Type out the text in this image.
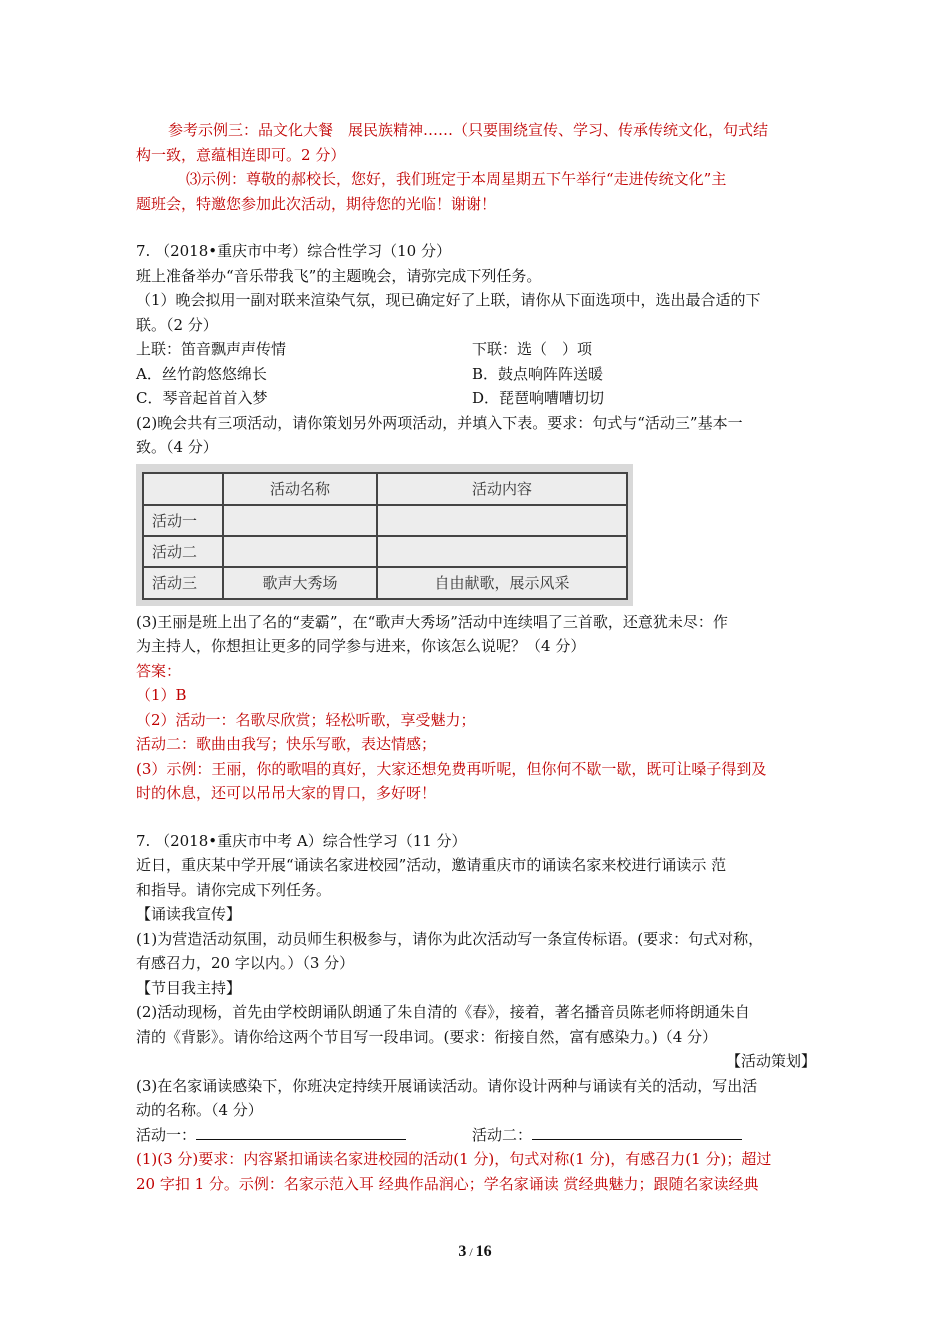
参考示例三：品文化大餐　展民族精神……（只要围绕宣传、学习、传承传统文化，句式结

构一致，意蕴相连即可。2 分）

⑶示例：尊敬的郝校长，您好，我们班定于本周星期五下午举行“走进传统文化”主

题班会，特邀您参加此次活动，期待您的光临！谢谢！

7. （2018•重庆市中考）综合性学习（10 分）

班上准备举办“音乐带我飞”的主题晚会，请弥完成下列任务。

（1）晚会拟用一副对联来渲染气氛，现已确定好了上联，请你从下面选项中，选出最合适的下

联。（2 分）

上联：笛音飘声声传情	下联：选（　）项

A．丝竹韵悠悠绵长	B．鼓点响阵阵送暖

C．琴音起首首入梦	D．琵琶响嘈嘈切切

(2)晚会共有三项活动，请你策划另外两项活动，并填入下表。要求：句式与“活动三”基本一

致。（4 分）

	活动名称	活动内容
活动一		
活动二		
活动三	歌声大秀场	自由献歌，展示风采

(3)王丽是班上出了名的“麦霸”，在“歌声大秀场”活动中连续唱了三首歌，还意犹未尽：作

为主持人，你想担让更多的同学参与进来，你该怎么说呢？（4 分）

答案：

（1）B

（2）活动一：名歌尽欣赏；轻松听歌，享受魅力；

活动二：歌曲由我写；快乐写歌，表达情感；

(3）示例：王丽，你的歌唱的真好，大家还想免费再听呢，但你何不歇一歇，既可让嗓子得到及

时的休息，还可以吊吊大家的胃口，多好呀！

7. （2018•重庆市中考 A）综合性学习（11 分）

近日，重庆某中学开展“诵读名家进校园”活动，邀请重庆市的诵读名家来校进行诵读示 范

和指导。请你完成下列任务。

【诵读我宣传】

(1)为营造活动氛围，动员师生积极参与，请你为此次活动写一条宣传标语。(要求：句式对称，

有感召力，20 字以内。）（3 分）

【节目我主持】

(2)活动现杨，首先由学校朗诵队朗通了朱自清的《春》，接着，著名播音员陈老师将朗通朱自

清的《背影》。请你给这两个节目写一段串词。(要求：衔接自然，富有感染力。)（4 分）

【活动策划】

(3)在名家诵读感染下，你班决定持续开展诵读活动。请你设计两种与诵读有关的活动，写出活

动的名称。（4 分）

活动一：	活动二：

(1)(3 分)要求：内容紧扣诵读名家进校园的活动(1 分)，句式对称(1 分)，有感召力(1 分)；超过

20 字扣 1 分。示例：名家示范入耳 经典作品润心；学名家诵读 赏经典魅力；跟随名家读经典

3 / 16
